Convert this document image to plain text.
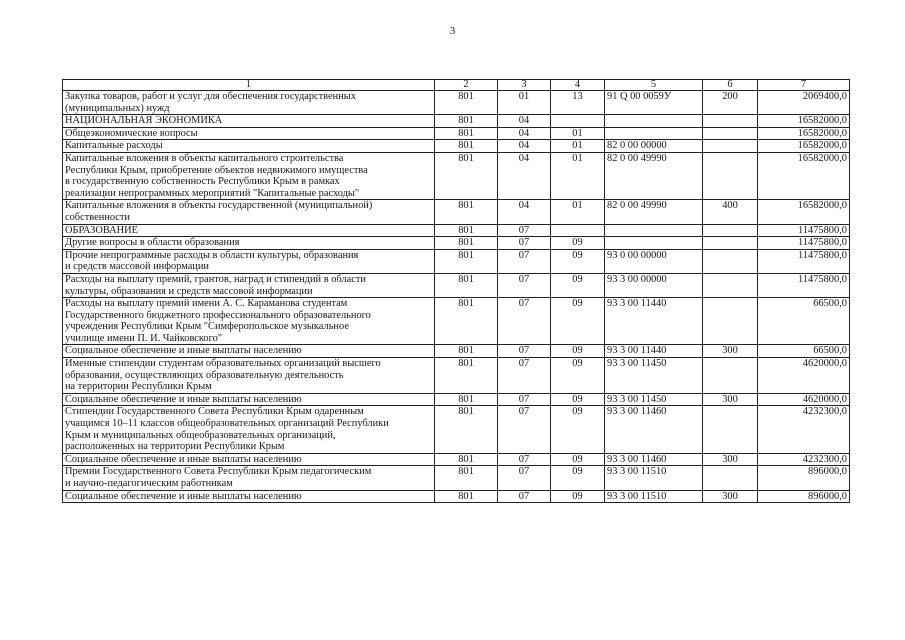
3
1	2	3	4	5	6	7

Закупка товаров, работ и услуг для обеспечения государственных
(муниципальных) нужд	801	01	13	91 Q 00 0059У	200	2069400,0

НАЦИОНАЛЬНАЯ ЭКОНОМИКА	801	04				16582000,0

Общеэкономические вопросы	801	04	01			16582000,0

Капитальные расходы	801	04	01	82 0 00 00000		16582000,0

Капитальные вложения в объекты капитального строительства
Республики Крым, приобретение объектов недвижимого имущества
в государственную собственность Республики Крым в рамках
реализации непрограммных мероприятий "Капитальные расходы"	801	04	01	82 0 00 49990		16582000,0

Капитальные вложения в объекты государственной (муниципальной)
собственности	801	04	01	82 0 00 49990	400	16582000,0

ОБРАЗОВАНИЕ	801	07				11475800,0

Другие вопросы в области образования	801	07	09			11475800,0

Прочие непрограммные расходы в области культуры, образования
и средств массовой информации	801	07	09	93 0 00 00000		11475800,0

Расходы на выплату премий, грантов, наград и стипендий в области
культуры, образования и средств массовой информации	801	07	09	93 3 00 00000		11475800,0

Расходы на выплату премий имени А. С. Караманова студентам
Государственного бюджетного профессионального образовательного
учреждения Республики Крым "Симферопольское музыкальное
училище имени П. И. Чайковского"	801	07	09	93 3 00 11440		66500,0

Социальное обеспечение и иные выплаты населению	801	07	09	93 3 00 11440	300	66500,0

Именные стипендии студентам образовательных организаций высшего
образования, осуществляющих образовательную деятельность
на территории Республики Крым	801	07	09	93 3 00 11450		4620000,0

Социальное обеспечение и иные выплаты населению	801	07	09	93 3 00 11450	300	4620000,0

Стипендии Государственного Совета Республики Крым одаренным
учащимся 10–11 классов общеобразовательных организаций Республики
Крым и муниципальных общеобразовательных организаций,
расположенных на территории Республики Крым	801	07	09	93 3 00 11460		4232300,0

Социальное обеспечение и иные выплаты населению	801	07	09	93 3 00 11460	300	4232300,0

Премии Государственного Совета Республики Крым педагогическим
и научно-педагогическим работникам	801	07	09	93 3 00 11510		896000,0

Социальное обеспечение и иные выплаты населению	801	07	09	93 3 00 11510	300	896000,0
